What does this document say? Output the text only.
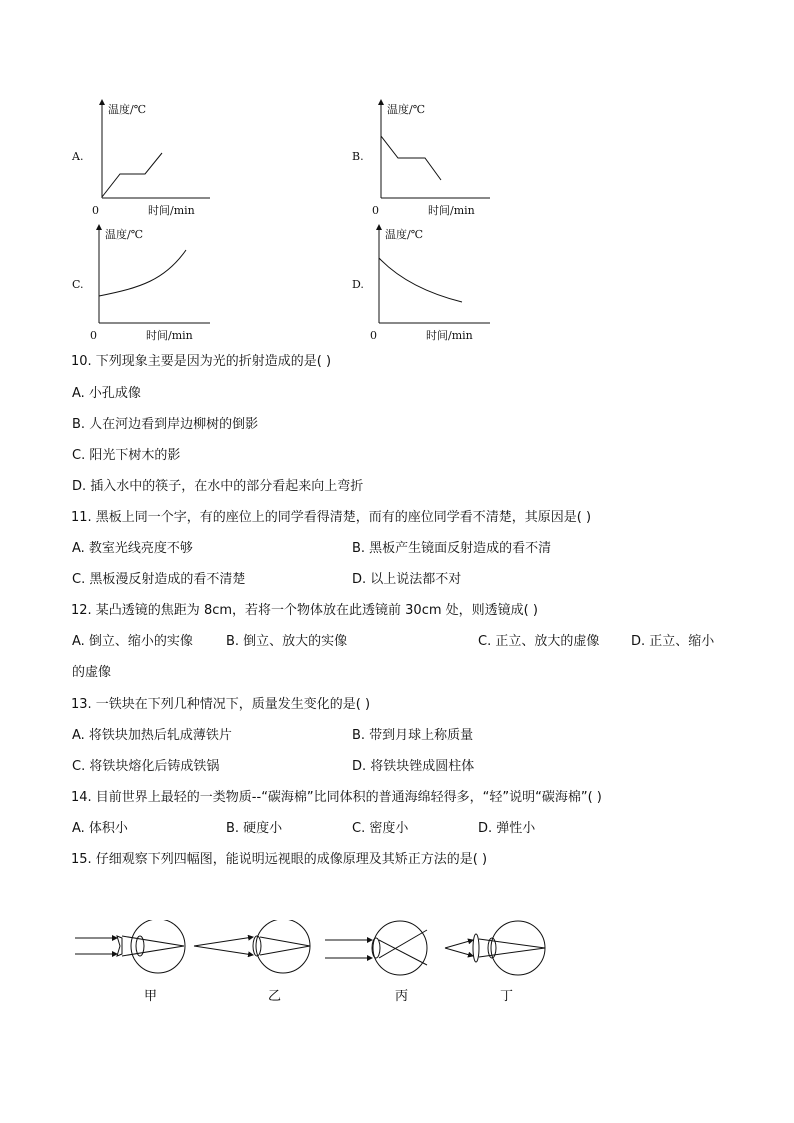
A.
温度/℃
0	时间/min
B.
温度/℃
0	时间/min
C.
温度/℃
0	时间/min
D.
温度/℃
0	时间/min
10. 下列现象主要是因为光的折射造成的是( )
A. 小孔成像
B. 人在河边看到岸边柳树的倒影
C. 阳光下树木的影
D. 插入水中的筷子，在水中的部分看起来向上弯折
11. 黑板上同一个字，有的座位上的同学看得清楚，而有的座位同学看不清楚，其原因是( )
A. 教室光线亮度不够	B. 黑板产生镜面反射造成的看不清
C. 黑板漫反射造成的看不清楚	D. 以上说法都不对
12. 某凸透镜的焦距为 8cm，若将一个物体放在此透镜前 30cm 处，则透镜成( )
A. 倒立、缩小的实像	B. 倒立、放大的实像	C. 正立、放大的虚像 D. 正立、缩小
的虚像
13. 一铁块在下列几种情况下，质量发生变化的是( )
A. 将铁块加热后轧成薄铁片	B. 带到月球上称质量
C. 将铁块熔化后铸成铁锅	D. 将铁块锉成圆柱体
14. 目前世界上最轻的一类物质--“碳海棉”比同体积的普通海绵轻得多，“轻”说明“碳海棉”( )
A. 体积小	B. 硬度小	C. 密度小	D. 弹性小
15. 仔细观察下列四幅图，能说明远视眼的成像原理及其矫正方法的是( )
甲	乙	丙	丁
